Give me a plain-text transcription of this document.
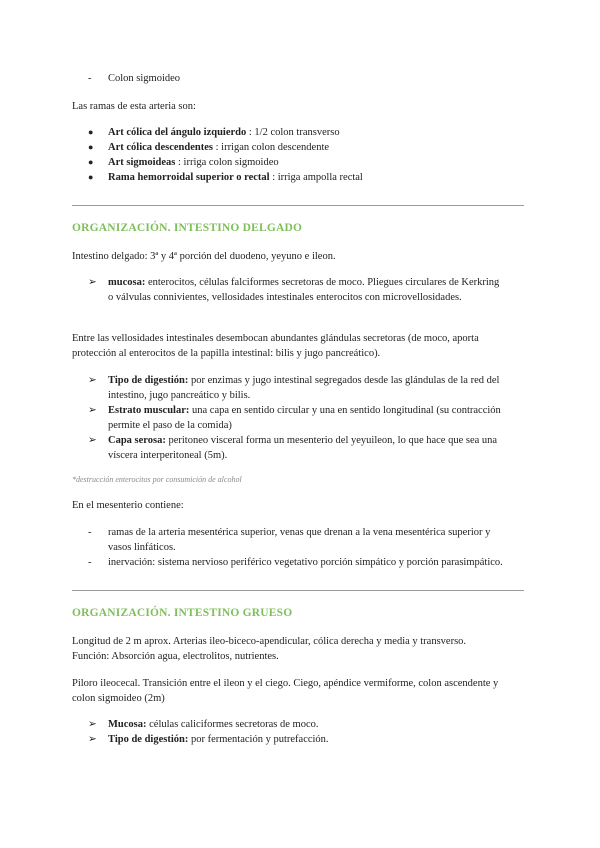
- Colon sigmoideo
Las ramas de esta arteria son:
● Art cólica del ángulo izquierdo : 1/2 colon transverso
● Art cólica descendentes : irrigan colon descendente
● Art sigmoideas : irriga colon sigmoideo
● Rama hemorroidal superior o rectal : irriga ampolla rectal
ORGANIZACIÓN. INTESTINO DELGADO
Intestino delgado: 3ª y 4ª porción del duodeno, yeyuno e ileon.
➢ mucosa: enterocitos, células falciformes secretoras de moco. Pliegues circulares de Kerkring
o válvulas connivientes, vellosidades intestinales enterocitos con microvellosidades.
Entre las vellosidades intestinales desembocan abundantes glándulas secretoras (de moco, aporta
protección al enterocitos de la papilla intestinal: bilis y jugo pancreático).
➢ Tipo de digestión: por enzimas y jugo intestinal segregados desde las glándulas de la red del
intestino, jugo pancreático y bilis.
➢ Estrato muscular: una capa en sentido circular y una en sentido longitudinal (su contracción
permite el paso de la comida)
➢ Capa serosa: peritoneo visceral forma un mesenterio del yeyuileon, lo que hace que sea una
víscera interperitoneal (5m).
*destrucción enterocitos por consumición de alcohol
En el mesenterio contiene:
- ramas de la arteria mesentérica superior, venas que drenan a la vena mesentérica superior y
vasos linfáticos.
- inervación: sistema nervioso periférico vegetativo porción simpático y porción parasimpático.
ORGANIZACIÓN. INTESTINO GRUESO
Longitud de 2 m aprox. Arterias ileo-biceco-apendicular, cólica derecha y media y transverso.
Función: Absorción agua, electrolitos, nutrientes.
Piloro ileocecal. Transición entre el ileon y el ciego. Ciego, apéndice vermiforme, colon ascendente y
colon sigmoideo (2m)
➢ Mucosa: células caliciformes secretoras de moco.
➢ Tipo de digestión: por fermentación y putrefacción.
